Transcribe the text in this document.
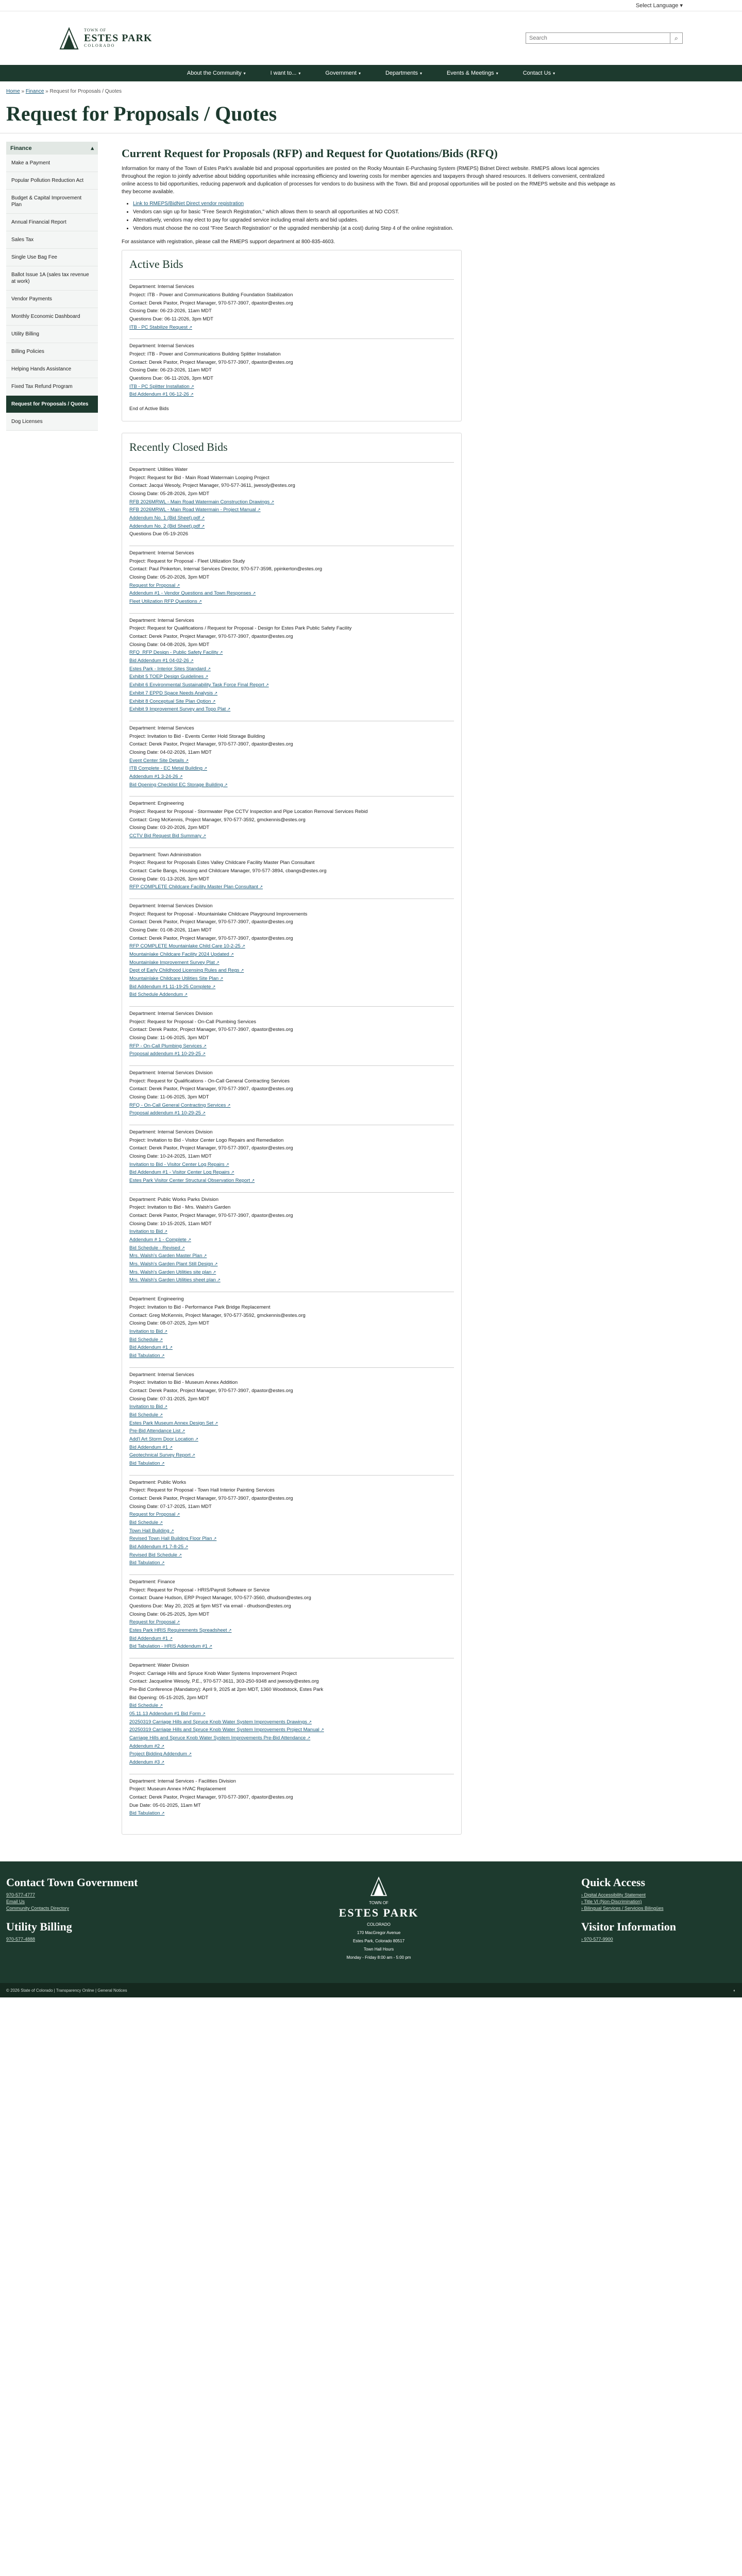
Select Language
▾
TOWN OF
ESTES PARK
COLORADO
Search
⌕
About the Community ▾	I want to... ▾	Government ▾	Departments ▾	Events & Meetings ▾	Contact Us ▾
Home » Finance » Request for Proposals / Quotes
Request for Proposals / Quotes
Finance	▴
Make a Payment
Popular Pollution Reduction Act
Budget & Capital Improvement Plan
Annual Financial Report
Sales Tax
Single Use Bag Fee
Ballot Issue 1A (sales tax revenue at work)
Vendor Payments
Monthly Economic Dashboard
Utility Billing
Billing Policies
Helping Hands Assistance
Fixed Tax Refund Program
Request for Proposals / Quotes
Dog Licenses
Current Request for Proposals (RFP) and Request for Quotations/Bids (RFQ)

Information for many of the Town of Estes Park's available bid and proposal opportunities are posted on the Rocky Mountain E-Purchasing System (RMEPS) Bidnet Direct website. RMEPS allows local agencies throughout the region to jointly advertise about bidding opportunities while increasing efficiency and lowering costs for member agencies and taxpayers through shared resources. It delivers convenient, centralized online access to bid opportunities, reducing paperwork and duplication of processes for vendors to do business with the Town. Bid and proposal opportunities will be posted on the RMEPS website and this webpage as they become available.

• Link to RMEPS/BidNet Direct vendor registration
• Vendors can sign up for basic "Free Search Registration," which allows them to search all opportunities at NO COST.
• Alternatively, vendors may elect to pay for upgraded service including email alerts and bid updates.
• Vendors must choose the no cost "Free Search Registration" or the upgraded membership (at a cost) during Step 4 of the online registration.

For assistance with registration, please call the RMEPS support department at 800-835-4603.

Active Bids
Department: Internal Services
Project: ITB - Power and Communications Building Foundation Stabilization
Contact: Derek Pastor, Project Manager, 970-577-3907, dpastor@estes.org
Closing Date: 06-23-2026, 11am MDT
Questions Due: 06-11-2026, 3pm MDT
ITB - PC Stabilize Request ↗
Department: Internal Services
Project: ITB - Power and Communications Building Splitter Installation
Contact: Derek Pastor, Project Manager, 970-577-3907, dpastor@estes.org
Closing Date: 06-23-2026, 11am MDT
Questions Due: 06-11-2026, 3pm MDT
ITB - PC Splitter Installation ↗
Bid Addendum #1 06-12-26 ↗
End of Active Bids
Recently Closed Bids
Department: Utilities Water
Project: Request for Bid - Main Road Watermain Looping Project
Contact: Jacqui Wesoly, Project Manager, 970-577-3611, jwesoly@estes.org
Closing Date: 05-28-2026, 2pm MDT
RFB 2026MRWL - Main Road Watermain Construction Drawings ↗
RFB 2026MRWL - Main Road Watermain - Project Manual ↗
Addendum No. 1 (Bid Sheet).pdf ↗
Addendum No. 2 (Bid Sheet).pdf ↗
Questions Due 05-19-2026
Department: Internal Services
Project: Request for Proposal - Fleet Utilization Study
Contact: Paul Pinkerton, Internal Services Director, 970-577-3598, ppinkerton@estes.org
Closing Date: 05-20-2026, 3pm MDT
Request for Proposal ↗
Addendum #1 - Vendor Questions and Town Responses ↗
Fleet Utilization RFP Questions ↗
Department: Internal Services
Project: Request for Qualifications / Request for Proposal - Design for Estes Park Public Safety Facility
Contact: Derek Pastor, Project Manager, 970-577-3907, dpastor@estes.org
Closing Date: 04-08-2026, 3pm MDT
RFQ_RFP Design - Public Safety Facility ↗
Bid Addendum #1 04-02-26 ↗
Estes Park - Interior Sites Standard ↗
Exhibit 5 TOEP Design Guidelines ↗
Exhibit 6 Environmental Sustainability Task Force Final Report ↗
Exhibit 7 EPPD Space Needs Analysis ↗
Exhibit 8 Conceptual Site Plan Option ↗
Exhibit 9 Improvement Survey and Topo Plat ↗
Department: Internal Services
Project: Invitation to Bid - Events Center Hold Storage Building
Contact: Derek Pastor, Project Manager, 970-577-3907, dpastor@estes.org
Closing Date: 04-02-2026, 11am MDT
Event Center Site Details ↗
ITB Complete - EC Metal Building ↗
Addendum #1 3-24-26 ↗
Bid Opening Checklist EC Storage Building ↗
Department: Engineering
Project: Request for Proposal - Stormwater Pipe CCTV Inspection and Pipe Location Removal Services Rebid
Contact: Greg McKennis, Project Manager, 970-577-3592, gmckennis@estes.org
Closing Date: 03-20-2026, 2pm MDT
CCTV Bid Request Bid Summary ↗
Department: Town Administration
Project: Request for Proposals Estes Valley Childcare Facility Master Plan Consultant
Contact: Carlie Bangs, Housing and Childcare Manager, 970-577-3894, cbangs@estes.org
Closing Date: 01-13-2026, 3pm MDT
RFP COMPLETE Childcare Facility Master Plan Consultant ↗
Department: Internal Services Division
Project: Request for Proposal - Mountainlake Childcare Playground Improvements
Contact: Derek Pastor, Project Manager, 970-577-3907, dpastor@estes.org
Closing Date: 01-08-2026, 11am MDT
Contact: Derek Pastor, Project Manager, 970-577-3907, dpastor@estes.org
RFP COMPLETE Mountainlake Child Care 10-2-25 ↗
Mountainlake Childcare Facility 2024 Updated ↗
Mountainlake Improvement Survey Plat ↗
Dept of Early Childhood Licensing Rules and Regs ↗
Mountainlake Childcare Utilities Site Plan ↗
Bid Addendum #1 11-19-25 Complete ↗
Bid Schedule Addendum ↗
Department: Internal Services Division
Project: Request for Proposal - On-Call Plumbing Services
Contact: Derek Pastor, Project Manager, 970-577-3907, dpastor@estes.org
Closing Date: 11-06-2025, 3pm MDT
RFP - On-Call Plumbing Services ↗
Proposal addendum #1 10-29-25 ↗
Department: Internal Services Division
Project: Request for Qualifications - On-Call General Contracting Services
Contact: Derek Pastor, Project Manager, 970-577-3907, dpastor@estes.org
Closing Date: 11-06-2025, 3pm MDT
RFQ - On-Call General Contracting Services ↗
Proposal addendum #1 10-29-25 ↗
Department: Internal Services Division
Project: Invitation to Bid - Visitor Center Logo Repairs and Remediation
Contact: Derek Pastor, Project Manager, 970-577-3907, dpastor@estes.org
Closing Date: 10-24-2025, 11am MDT
Invitation to Bid - Visitor Center Log Repairs ↗
Bid Addendum #1 - Visitor Center Log Repairs ↗
Estes Park Visitor Center Structural Observation Report ↗
Department: Public Works Parks Division
Project: Invitation to Bid - Mrs. Walsh's Garden
Contact: Derek Pastor, Project Manager, 970-577-3907, dpastor@estes.org
Closing Date: 10-15-2025, 11am MDT
Invitation to Bid ↗
Addendum # 1 - Complete ↗
Bid Schedule - Revised ↗
Mrs. Walsh's Garden Master Plan ↗
Mrs. Walsh's Garden Plant Still Design ↗
Mrs. Walsh's Garden Utilities site plan ↗
Mrs. Walsh's Garden Utilities sheet plan ↗
Department: Engineering
Project: Invitation to Bid - Performance Park Bridge Replacement
Contact: Greg McKennis, Project Manager, 970-577-3592, gmckennis@estes.org
Closing Date: 08-07-2025, 2pm MDT
Invitation to Bid ↗
Bid Schedule ↗
Bid Addendum #1 ↗
Bid Tabulation ↗
Department: Internal Services
Project: Invitation to Bid - Museum Annex Addition
Contact: Derek Pastor, Project Manager, 970-577-3907, dpastor@estes.org
Closing Date: 07-31-2025, 2pm MDT
Invitation to Bid ↗
Bid Schedule ↗
Estes Park Museum Annex Design Set ↗
Pre-Bid Attendance List ↗
Add'l Art Storm Door Location ↗
Bid Addendum #1 ↗
Geotechnical Survey Report ↗
Bid Tabulation ↗
Department: Public Works
Project: Request for Proposal - Town Hall Interior Painting Services
Contact: Derek Pastor, Project Manager, 970-577-3907, dpastor@estes.org
Closing Date: 07-17-2025, 11am MDT
Request for Proposal ↗
Bid Schedule ↗
Town Hall Building ↗
Revised Town Hall Building Floor Plan ↗
Bid Addendum #1 7-8-25 ↗
Revised Bid Schedule ↗
Bid Tabulation ↗
Department: Finance
Project: Request for Proposal - HRIS/Payroll Software or Service
Contact: Duane Hudson, ERP Project Manager, 970-577-3560, dhudson@estes.org
Questions Due: May 20, 2025 at 5pm MST via email - dhudson@estes.org
Closing Date: 06-25-2025, 3pm MDT
Request for Proposal ↗
Estes Park HRIS Requirements Spreadsheet ↗
Bid Addendum #1 ↗
Bid Tabulation - HRIS Addendum #1 ↗
Department: Water Division
Project: Carriage Hills and Spruce Knob Water Systems Improvement Project
Contact: Jacqueline Wesoly, P.E., 970-577-3611, 303-250-9348 and jwesoly@estes.org
Pre-Bid Conference (Mandatory): April 9, 2025 at 2pm MDT, 1360 Woodstock, Estes Park
Bid Opening: 05-15-2025, 2pm MDT
Bid Schedule ↗
05.11.13 Addendum #1 Bid Form ↗
20250319 Carriage Hills and Spruce Knob Water System Improvements Drawings ↗
20250319 Carriage Hills and Spruce Knob Water System Improvements Project Manual ↗
Carriage Hills and Spruce Knob Water System Improvements Pre-Bid Attendance ↗
Addendum #2 ↗
Project Bidding Addendum ↗
Addendum #3 ↗
Department: Internal Services - Facilities Division
Project: Museum Annex HVAC Replacement
Contact: Derek Pastor, Project Manager, 970-577-3907, dpastor@estes.org
Due Date: 05-01-2025, 11am MT
Bid Tabulation ↗
Contact Town Government
970-577-4777
Email Us
Community Contacts Directory
Utility Billing
970-577-4888
TOWN OF
ESTES PARK
COLORADO
170 MacGregor Avenue
Estes Park, Colorado 80517
Town Hall Hours
Monday - Friday 8:00 am - 5:00 pm
Quick Access
› Digital Accessibility Statement
› Title VI (Non-Discrimination)
› Bilingual Services / Servicios Bilingües
Visitor Information
› 970-577-9900
© 2026 State of Colorado | Transparency Online | General Notices	◐
